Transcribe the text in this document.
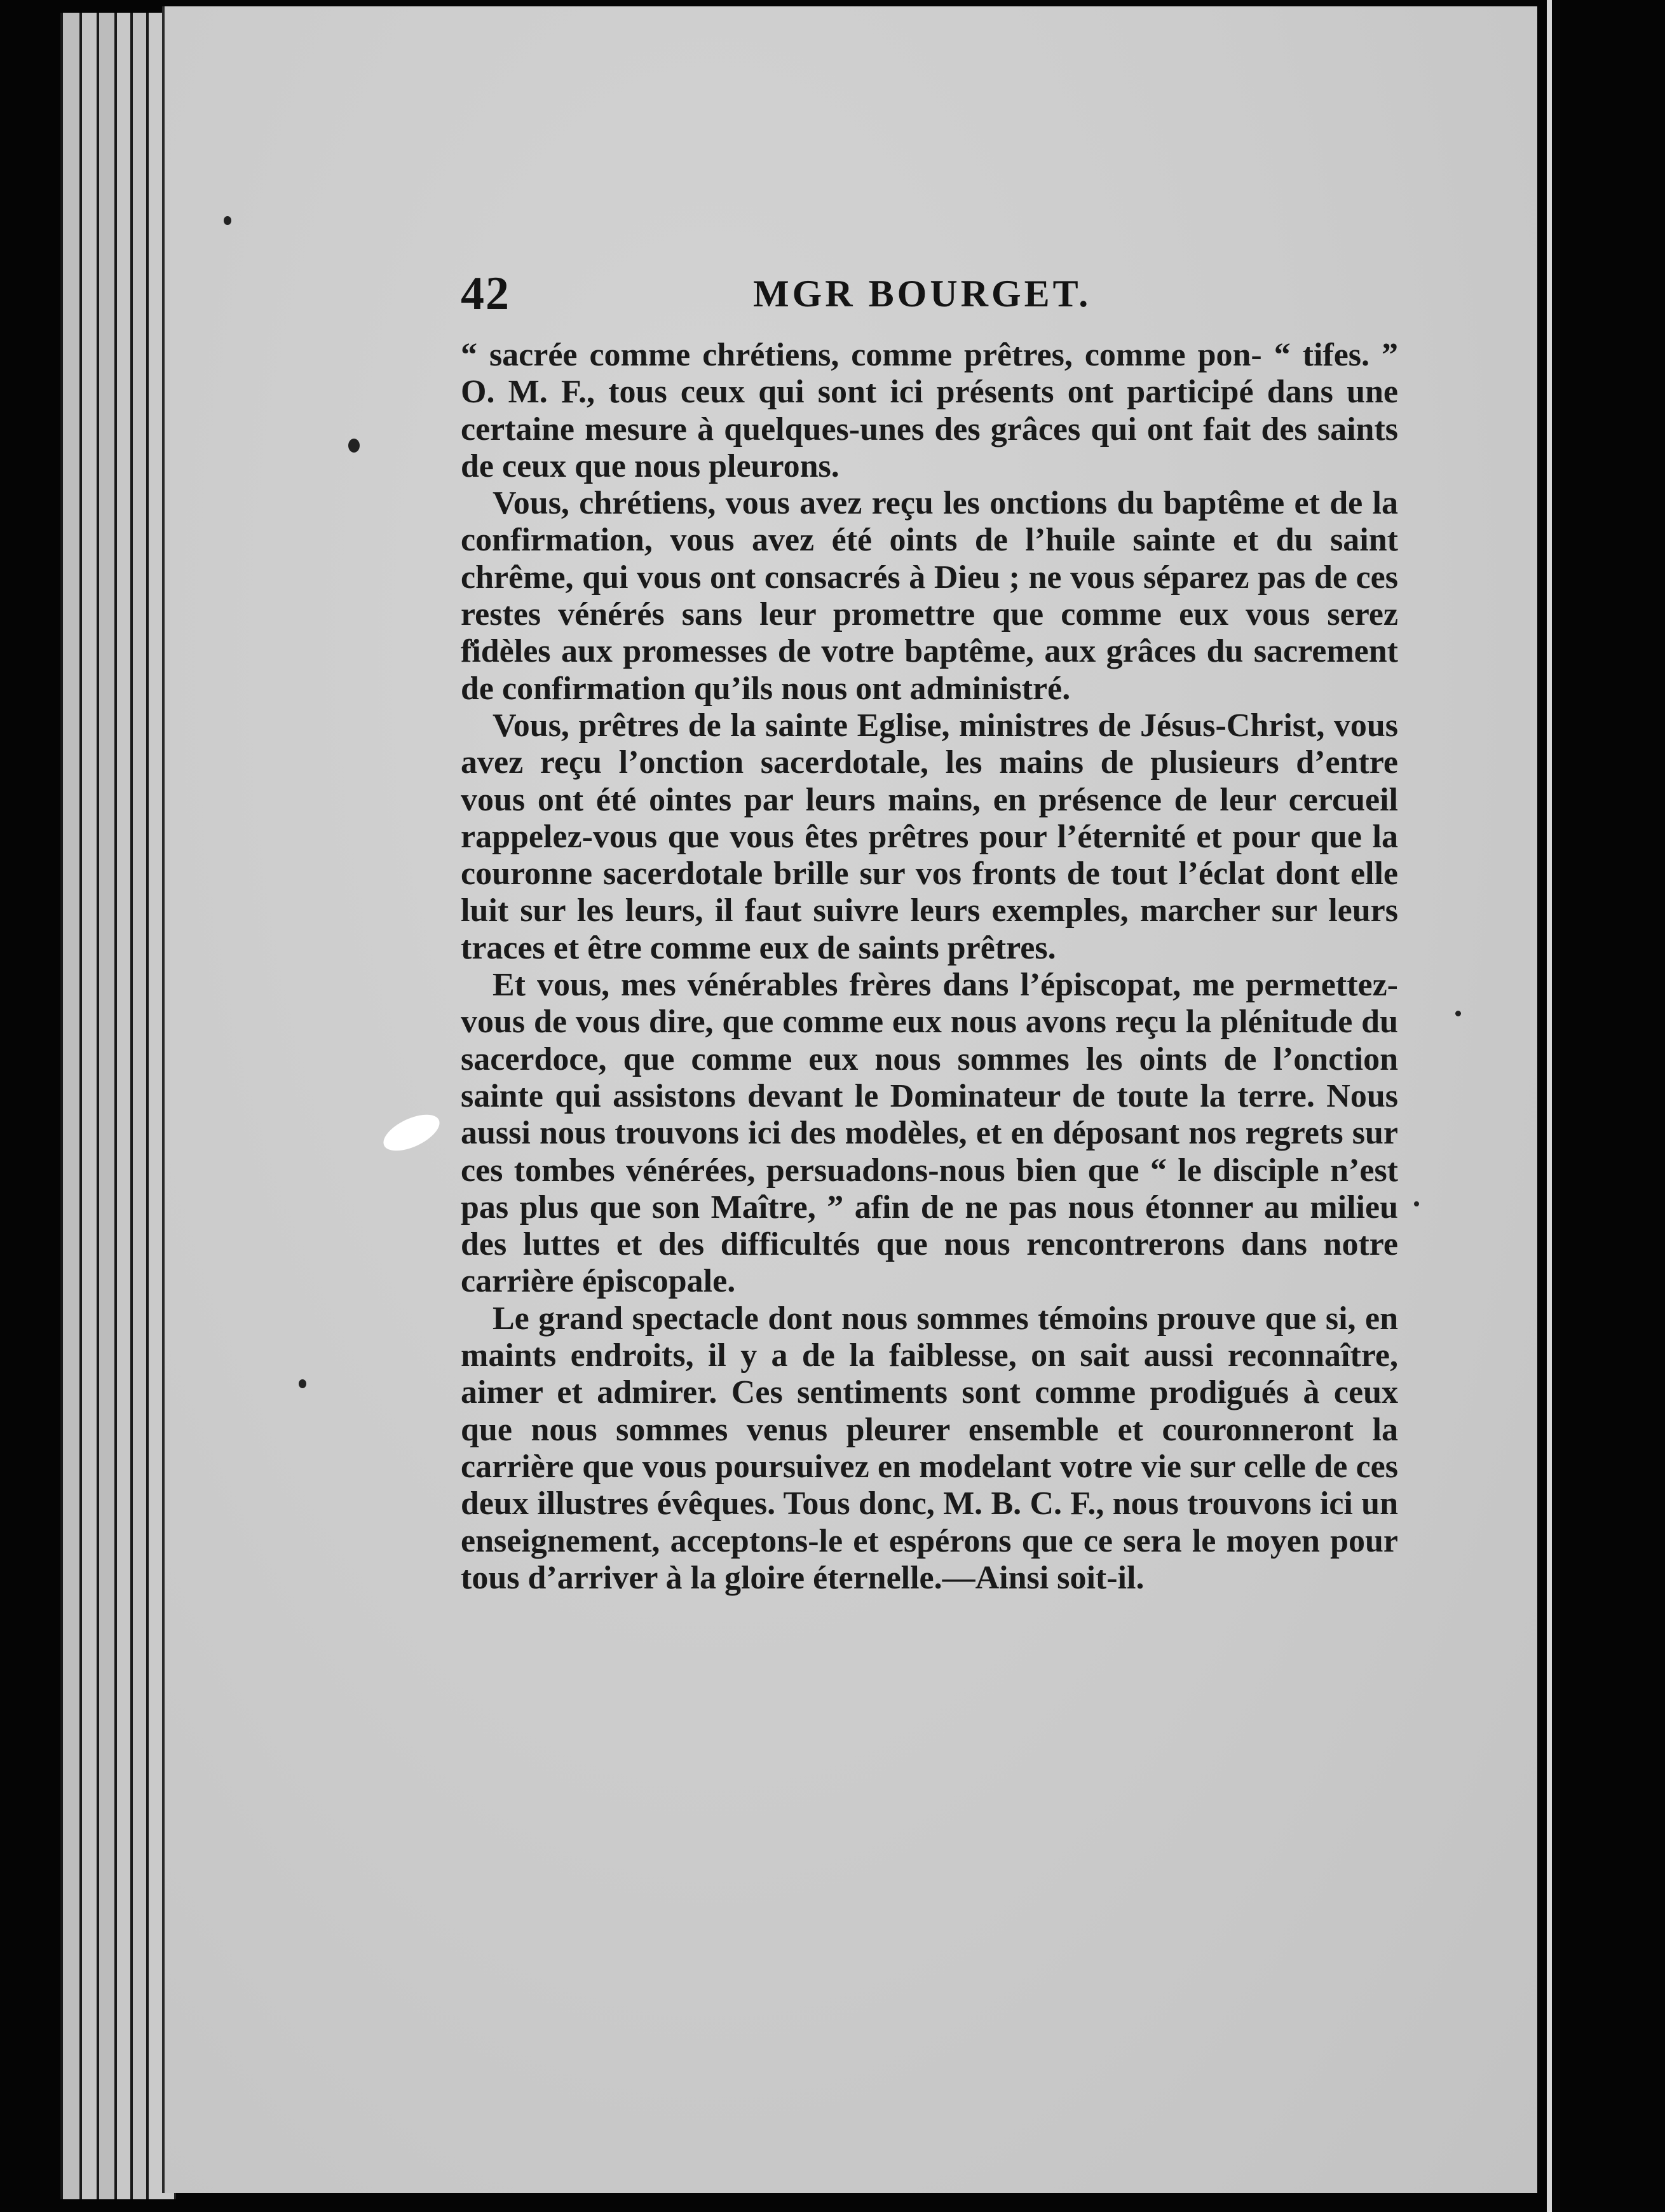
42	MGR BOURGET.

“ sacrée comme chrétiens, comme prêtres, comme pon- “ tifes. ” O. M. F., tous ceux qui sont ici présents ont participé dans une certaine mesure à quelques-unes des grâces qui ont fait des saints de ceux que nous pleurons.

Vous, chrétiens, vous avez reçu les onctions du baptême et de la confirmation, vous avez été oints de l’huile sainte et du saint chrême, qui vous ont consacrés à Dieu ; ne vous séparez pas de ces restes vénérés sans leur promettre que comme eux vous serez fidèles aux promesses de votre baptême, aux grâces du sacrement de confirmation qu’ils nous ont administré.

Vous, prêtres de la sainte Eglise, ministres de Jésus-Christ, vous avez reçu l’onction sacerdotale, les mains de plusieurs d’entre vous ont été ointes par leurs mains, en présence de leur cercueil rappelez-vous que vous êtes prêtres pour l’éternité et pour que la couronne sacerdotale brille sur vos fronts de tout l’éclat dont elle luit sur les leurs, il faut suivre leurs exemples, marcher sur leurs traces et être comme eux de saints prêtres.

Et vous, mes vénérables frères dans l’épiscopat, me permettez-vous de vous dire, que comme eux nous avons reçu la plénitude du sacerdoce, que comme eux nous sommes les oints de l’onction sainte qui assistons devant le Dominateur de toute la terre. Nous aussi nous trouvons ici des modèles, et en déposant nos regrets sur ces tombes vénérées, persuadons-nous bien que “ le disciple n’est pas plus que son Maître, ” afin de ne pas nous étonner au milieu des luttes et des difficultés que nous rencontrerons dans notre carrière épiscopale.

Le grand spectacle dont nous sommes témoins prouve que si, en maints endroits, il y a de la faiblesse, on sait aussi reconnaître, aimer et admirer. Ces sentiments sont comme prodigués à ceux que nous sommes venus pleurer ensemble et couronneront la carrière que vous poursuivez en modelant votre vie sur celle de ces deux illustres évêques. Tous donc, M. B. C. F., nous trouvons ici un enseignement, acceptons-le et espérons que ce sera le moyen pour tous d’arriver à la gloire éternelle.—Ainsi soit-il.
